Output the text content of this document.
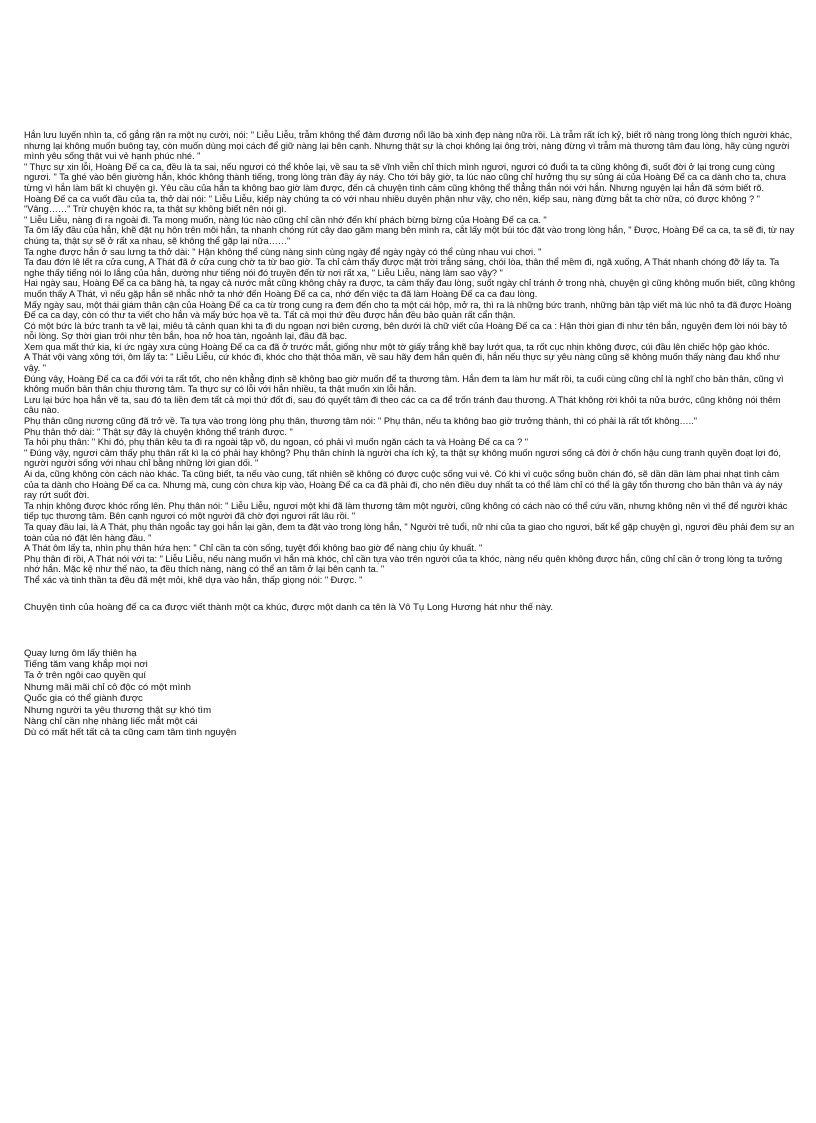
Hắn lưu luyến nhìn ta, cố gắng rặn ra một nụ cười, nói: " Liễu Liễu, trẫm không thể đảm đương nổi lão bà xinh đẹp nàng nữa rồi. Là trẫm rất ích kỷ, biết rõ nàng trong lòng thích người khác, nhưng lại không muốn buông tay, còn muốn dùng mọi cách để giữ nàng lại bên cạnh. Nhưng thật sự là chọi không lại ông trời, nàng đừng vì trẫm mà thương tâm đau lòng, hãy cùng người mình yêu sống thật vui vẻ hạnh phúc nhé. "

" Thực sự xin lỗi, Hoàng Đế ca ca, đều là ta sai, nếu ngươi có thể khỏe lại, về sau ta sẽ vĩnh viễn chỉ thích mình ngươi, ngươi có đuổi ta ta cũng không đi, suốt đời ở lại trong cung cùng ngươi. " Ta ghé vào bên giường hắn, khóc không thành tiếng, trong lòng tràn đầy áy náy. Cho tới bây giờ, ta lúc nào cũng chỉ hưởng thụ sự sủng ái của Hoàng Đế ca ca dành cho ta, chưa từng vì hắn làm bất kì chuyện gì. Yêu cầu của hắn ta không bao giờ làm được, đến cả chuyện tình cảm cũng không thể thẳng thắn nói với hắn. Nhưng nguyện lại hắn đã sớm biết rõ.

Hoàng Đế ca ca vuốt đầu của ta, thở dài nói: " Liễu Liễu, kiếp này chúng ta có với nhau nhiều duyên phận như vậy, cho nên, kiếp sau, nàng đừng bắt ta chờ nữa, có được không ? "

"Vâng……" Trừ chuyện khóc ra, ta thật sự không biết nên nói gì.

" Liễu Liễu, nàng đi ra ngoài đi. Ta mong muốn, nàng lúc nào cũng chỉ cần nhớ đến khí phách bừng bừng của Hoàng Đế ca ca. "

Ta ôm lấy đầu của hắn, khẽ đặt nụ hôn trên môi hắn, ta nhanh chóng rút cây dao găm mang bên mình ra, cắt lấy một búi tóc đặt vào trong lòng hắn, " Được, Hoàng Đế ca ca, ta sẽ đi, từ nay chúng ta, thật sự sẽ ở rất xa nhau, sẽ không thể gặp lại nữa……"

Ta nghe được hắn ở sau lưng ta thở dài: " Hận không thể cùng nàng sinh cùng ngày để ngày ngày có thể cùng nhau vui chơi. "

Ta đau đớn lê lết ra cửa cung, A Thát đã ở cửa cung chờ ta từ bao giờ. Ta chỉ cảm thấy được mặt trời trắng sáng, chói lòa, thân thể mềm đi, ngã xuống, A Thát nhanh chóng đỡ lấy ta. Ta nghe thấy tiếng nói lo lắng của hắn, dường như tiếng nói đó truyền đến từ nơi rất xa, " Liễu Liễu, nàng làm sao vậy? "

Hai ngày sau, Hoàng Đế ca ca băng hà, ta ngay cả nước mắt cũng không chảy ra được, ta cảm thấy đau lòng, suốt ngày chỉ tránh ở trong nhà, chuyện gì cũng không muốn biết, cũng không muốn thấy A Thát, vì nếu gặp hắn sẽ nhắc nhở ta nhớ đến Hoàng Đế ca ca, nhớ đến việc ta đã làm Hoàng Đế ca ca đau lòng.

Mấy ngày sau, một thái giám thân cận của Hoàng Đế ca ca từ trong cung ra đem đến cho ta một cái hộp, mở ra, thì ra là những bức tranh, những bản tập viết mà lúc nhỏ ta đã được Hoàng Đế ca ca dạy, còn có thư ta viết cho hắn và mấy bức họa về ta. Tất cả mọi thứ đều được hắn đều bảo quản rất cẩn thận.

Có một bức là bức tranh ta vẽ lại, miêu tả cảnh quan khi ta đi du ngoạn nơi biên cương, bên dưới là chữ viết của Hoàng Đế ca ca : Hận thời gian đi như tên bắn, nguyện đem lời nói bày tỏ nỗi lòng. Sợ thời gian trôi như tên bắn, hoa nở hoa tàn, ngoảnh lại, đầu đã bạc.

Xem qua mất thứ kia, kí ức ngày xưa cùng Hoàng Đế ca ca đã ở trước mắt, giống như một tờ giấy trắng khẽ bay lướt qua, ta rốt cục nhịn không được, cúi đầu lên chiếc hộp gào khóc.

A Thát vội vàng xông tới, ôm lấy ta: " Liễu Liễu, cứ khóc đi, khóc cho thật thỏa mãn, về sau hãy đem hắn quên đi, hắn nếu thực sự yêu nàng cũng sẽ không muốn thấy nàng đau khổ như vậy. "

Đúng vậy, Hoàng Đế ca ca đối với ta rất tốt, cho nên khẳng định sẽ không bao giờ muốn để ta thương tâm. Hắn đem ta làm hư mất rồi, ta cuối cùng cũng chỉ là nghĩ cho bản thân, cũng vì không muốn bản thân chịu thương tâm. Ta thực sự có lỗi với hắn nhiều, ta thật muốn xin lỗi hắn.

Lưu lại bức họa hắn vẽ ta, sau đó ta liền đem tất cả mọi thứ đốt đi, sau đó quyết tâm đi theo các ca ca để trốn tránh đau thương. A Thát không rời khỏi ta nửa bước, cũng không nói thêm câu nào.

Phụ thân cũng nương cũng đã trở về. Ta tựa vào trong lòng phụ thân, thương tâm nói: " Phụ thân, nếu ta không bao giờ trưởng thành, thì có phải là rất tốt không….."

Phụ thân thở dài: " Thật sự đây là chuyện không thể tránh được. "

Ta hỏi phụ thân: " Khi đó, phụ thân kêu ta đi ra ngoài tập võ, du ngoạn, có phải vì muốn ngăn cách ta và Hoàng Đế ca ca ? "

" Đúng vậy, ngươi cảm thấy phụ thân rất kì lạ có phải hay không? Phụ thân chính là người cha ích kỷ, ta thật sự không muốn ngươi sống cả đời ở chốn hậu cung tranh quyền đoạt lợi đó, người người sống với nhau chỉ bằng những lời gian dối. "

Ai da, cũng không còn cách nào khác. Ta cũng biết, ta nếu vào cung, tất nhiên sẽ không có được cuộc sống vui vẻ. Có khi vì cuộc sống buồn chán đó, sẽ dần dần làm phai nhạt tình cảm của ta dành cho Hoàng Đế ca ca. Nhưng mà, cung còn chưa kịp vào, Hoàng Đế ca ca đã phải đi, cho nên điều duy nhất ta có thể làm chỉ có thể là gây tổn thương cho bản thân và áy náy ray rứt suốt đời.

Ta nhịn không được khóc rống lên. Phụ thân nói: " Liễu Liễu, ngươi một khi đã làm thương tâm một người, cũng không có cách nào có thể cứu vãn, nhưng không nên vì thế để người khác tiếp tục thương tâm. Bên cạnh ngươi có một người đã chờ đợi ngươi rất lâu rồi. "

Ta quay đầu lại, là A Thát, phụ thân ngoắc tay gọi hắn lại gần, đem ta đặt vào trong lòng hắn, " Người trẻ tuổi, nữ nhi của ta giao cho ngươi, bất kể gặp chuyện gì, ngươi đều phải đem sự an toàn của nó đặt lên hàng đầu. "

A Thát ôm lấy ta, nhìn phụ thân hứa hẹn: " Chỉ cần ta còn sống, tuyệt đối không bao giờ để nàng chịu ủy khuất. "

Phụ thân đi rồi, A Thát nói với ta: " Liễu Liễu, nếu nàng muốn vì hắn mà khóc, chỉ cần tựa vào trên người của ta khóc, nàng nếu quên không được hắn, cũng chỉ cần ở trong lòng ta tưởng nhớ hắn. Mặc kệ như thế nào, ta đều thích nàng, nàng có thể an tâm ở lại bên cạnh ta. "

Thể xác và tinh thần ta đều đã mệt mỏi, khẽ dựa vào hắn, thấp giọng nói: " Được. "

Chuyện tình của hoàng đế ca ca được viết thành một ca khúc, được một danh ca tên là Vô Tụ Long Hương hát như thế này.

Quay lưng ôm lấy thiên hạ

Tiếng tăm vang khắp mọi nơi

Ta ở trên ngôi cao quyền quí

Nhưng mãi mãi chỉ cô độc có một mình

Quốc gia có thể giành được

Nhưng người ta yêu thương thật sự khó tìm

Nàng chỉ cần nhẹ nhàng liếc mắt một cái

Dù có mất hết tất cả ta cũng cam tâm tình nguyện
